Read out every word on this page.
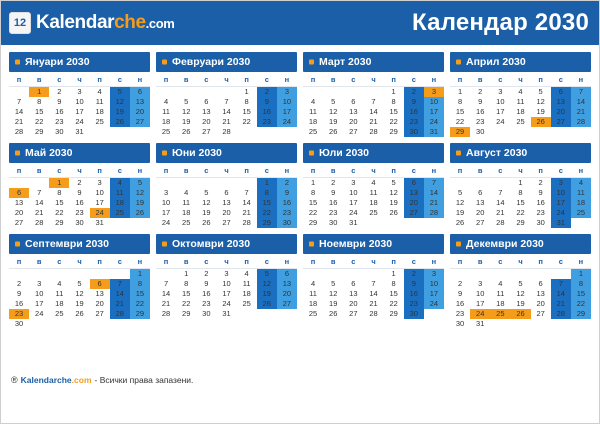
12 Kalendarche.com	Календар 2030
Януари 2030
п	в	с	ч	п	с	н
	1	2	3	4	5	6
7	8	9	10	11	12	13
14	15	16	17	18	19	20
21	22	23	24	25	26	27
28	29	30	31			
Февруари 2030
п	в	с	ч	п	с	н
				1	2	3
4	5	6	7	8	9	10
11	12	13	14	15	16	17
18	19	20	21	22	23	24
25	26	27	28			
Март 2030
п	в	с	ч	п	с	н
				1	2	3
4	5	6	7	8	9	10
11	12	13	14	15	16	17
18	19	20	21	22	23	24
25	26	27	28	29	30	31
Април 2030
п	в	с	ч	п	с	н
1	2	3	4	5	6	7
8	9	10	11	12	13	14
15	16	17	18	19	20	21
22	23	24	25	26	27	28
29	30					
Май 2030
п	в	с	ч	п	с	н
		1	2	3	4	5
6	7	8	9	10	11	12
13	14	15	16	17	18	19
20	21	22	23	24	25	26
27	28	29	30	31		
Юни 2030
п	в	с	ч	п	с	н
					1	2
3	4	5	6	7	8	9
10	11	12	13	14	15	16
17	18	19	20	21	22	23
24	25	26	27	28	29	30
Юли 2030
п	в	с	ч	п	с	н
1	2	3	4	5	6	7
8	9	10	11	12	13	14
15	16	17	18	19	20	21
22	23	24	25	26	27	28
29	30	31				
Август 2030
п	в	с	ч	п	с	н
			1	2	3	4
5	6	7	8	9	10	11
12	13	14	15	16	17	18
19	20	21	22	23	24	25
26	27	28	29	30	31	
Септември 2030
п	в	с	ч	п	с	н
						1
2	3	4	5	6	7	8
9	10	11	12	13	14	15
16	17	18	19	20	21	22
23	24	25	26	27	28	29
30						
Октомври 2030
п	в	с	ч	п	с	н
	1	2	3	4	5	6
7	8	9	10	11	12	13
14	15	16	17	18	19	20
21	22	23	24	25	26	27
28	29	30	31			
Ноември 2030
п	в	с	ч	п	с	н
				1	2	3
4	5	6	7	8	9	10
11	12	13	14	15	16	17
18	19	20	21	22	23	24
25	26	27	28	29	30	
Декември 2030
п	в	с	ч	п	с	н
						1
2	3	4	5	6	7	8
9	10	11	12	13	14	15
16	17	18	19	20	21	22
23	24	25	26	27	28	29
30	31					
® Kalendarche.com - Всички права запазени.
